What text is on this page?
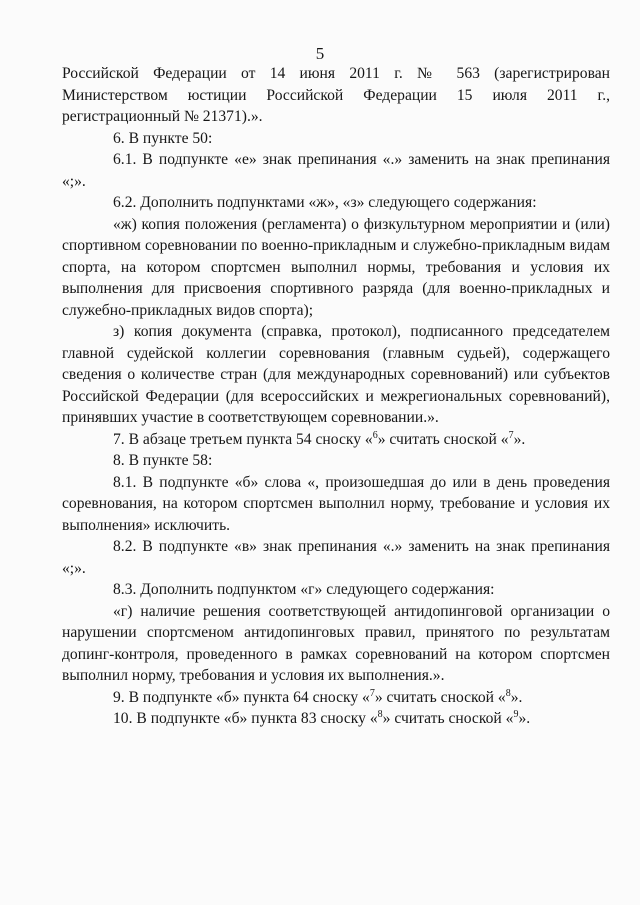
5

Российской Федерации от 14 июня 2011 г. № 563 (зарегистрирован Министерством юстиции Российской Федерации 15 июля 2011 г., регистрационный № 21371).».

6. В пункте 50:

6.1. В подпункте «е» знак препинания «.» заменить на знак препинания «;».

6.2. Дополнить подпунктами «ж», «з» следующего содержания:

«ж) копия положения (регламента) о физкультурном мероприятии и (или) спортивном соревновании по военно-прикладным и служебно-прикладным видам спорта, на котором спортсмен выполнил нормы, требования и условия их выполнения для присвоения спортивного разряда (для военно-прикладных и служебно-прикладных видов спорта);

з) копия документа (справка, протокол), подписанного председателем главной судейской коллегии соревнования (главным судьей), содержащего сведения о количестве стран (для международных соревнований) или субъектов Российской Федерации (для всероссийских и межрегиональных соревнований), принявших участие в соответствующем соревновании.».

7. В абзаце третьем пункта 54 сноску «$^6$» считать сноской «$^7$».

8. В пункте 58:

8.1. В подпункте «б» слова «, произошедшая до или в день проведения соревнования, на котором спортсмен выполнил норму, требование и условия их выполнения» исключить.

8.2. В подпункте «в» знак препинания «.» заменить на знак препинания «;».

8.3. Дополнить подпунктом «г» следующего содержания:

«г) наличие решения соответствующей антидопинговой организации о нарушении спортсменом антидопинговых правил, принятого по результатам допинг-контроля, проведенного в рамках соревнований на котором спортсмен выполнил норму, требования и условия их выполнения.».

9. В подпункте «б» пункта 64 сноску «$^7$» считать сноской «$^8$».

10. В подпункте «б» пункта 83 сноску «$^8$» считать сноской «$^9$».
